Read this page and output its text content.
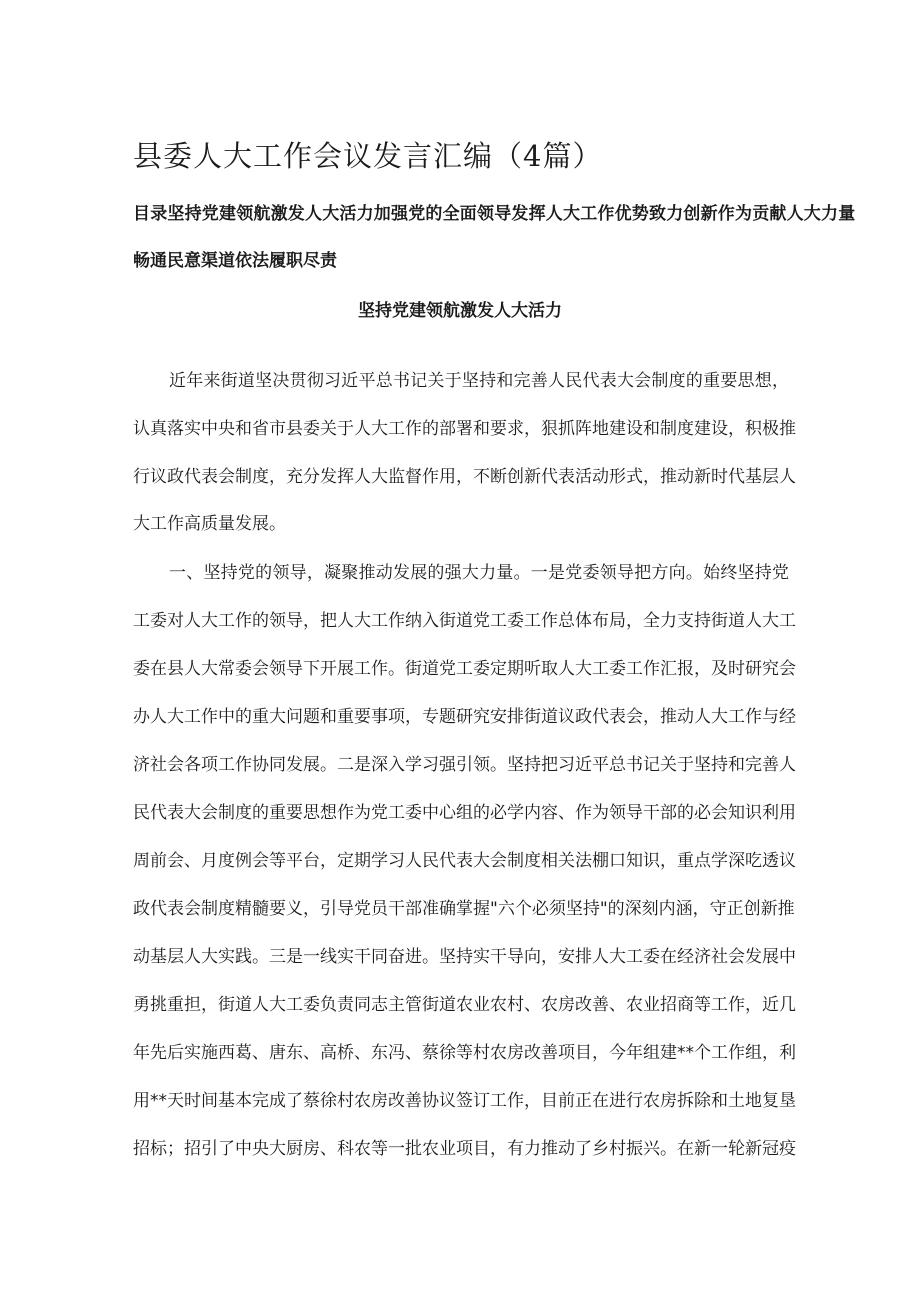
县委人大工作会议发言汇编（4篇）
目录坚持党建领航激发人大活力加强党的全面领导发挥人大工作优势致力创新作为贡献人大力量
畅通民意渠道依法履职尽责
坚持党建领航激发人大活力
近年来街道坚决贯彻习近平总书记关于坚持和完善人民代表大会制度的重要思想，
认真落实中央和省市县委关于人大工作的部署和要求，狠抓阵地建设和制度建设，积极推
行议政代表会制度，充分发挥人大监督作用，不断创新代表活动形式，推动新时代基层人
大工作高质量发展。
一、坚持党的领导，凝聚推动发展的强大力量。一是党委领导把方向。始终坚持党
工委对人大工作的领导，把人大工作纳入街道党工委工作总体布局，全力支持街道人大工
委在县人大常委会领导下开展工作。街道党工委定期听取人大工委工作汇报，及时研究会
办人大工作中的重大问题和重要事项，专题研究安排街道议政代表会，推动人大工作与经
济社会各项工作协同发展。二是深入学习强引领。坚持把习近平总书记关于坚持和完善人
民代表大会制度的重要思想作为党工委中心组的必学内容、作为领导干部的必会知识利用
周前会、月度例会等平台，定期学习人民代表大会制度相关法棚口知识，重点学深吃透议
政代表会制度精髓要义，引导党员干部准确掌握"六个必须坚持"的深刻内涵，守正创新推
动基层人大实践。三是一线实干同奋进。坚持实干导向，安排人大工委在经济社会发展中
勇挑重担，街道人大工委负责同志主管街道农业农村、农房改善、农业招商等工作，近几
年先后实施西葛、唐东、高桥、东冯、蔡徐等村农房改善项目，今年组建**个工作组，利
用**天时间基本完成了蔡徐村农房改善协议签订工作，目前正在进行农房拆除和土地复垦
招标；招引了中央大厨房、科农等一批农业项目，有力推动了乡村振兴。在新一轮新冠疫
